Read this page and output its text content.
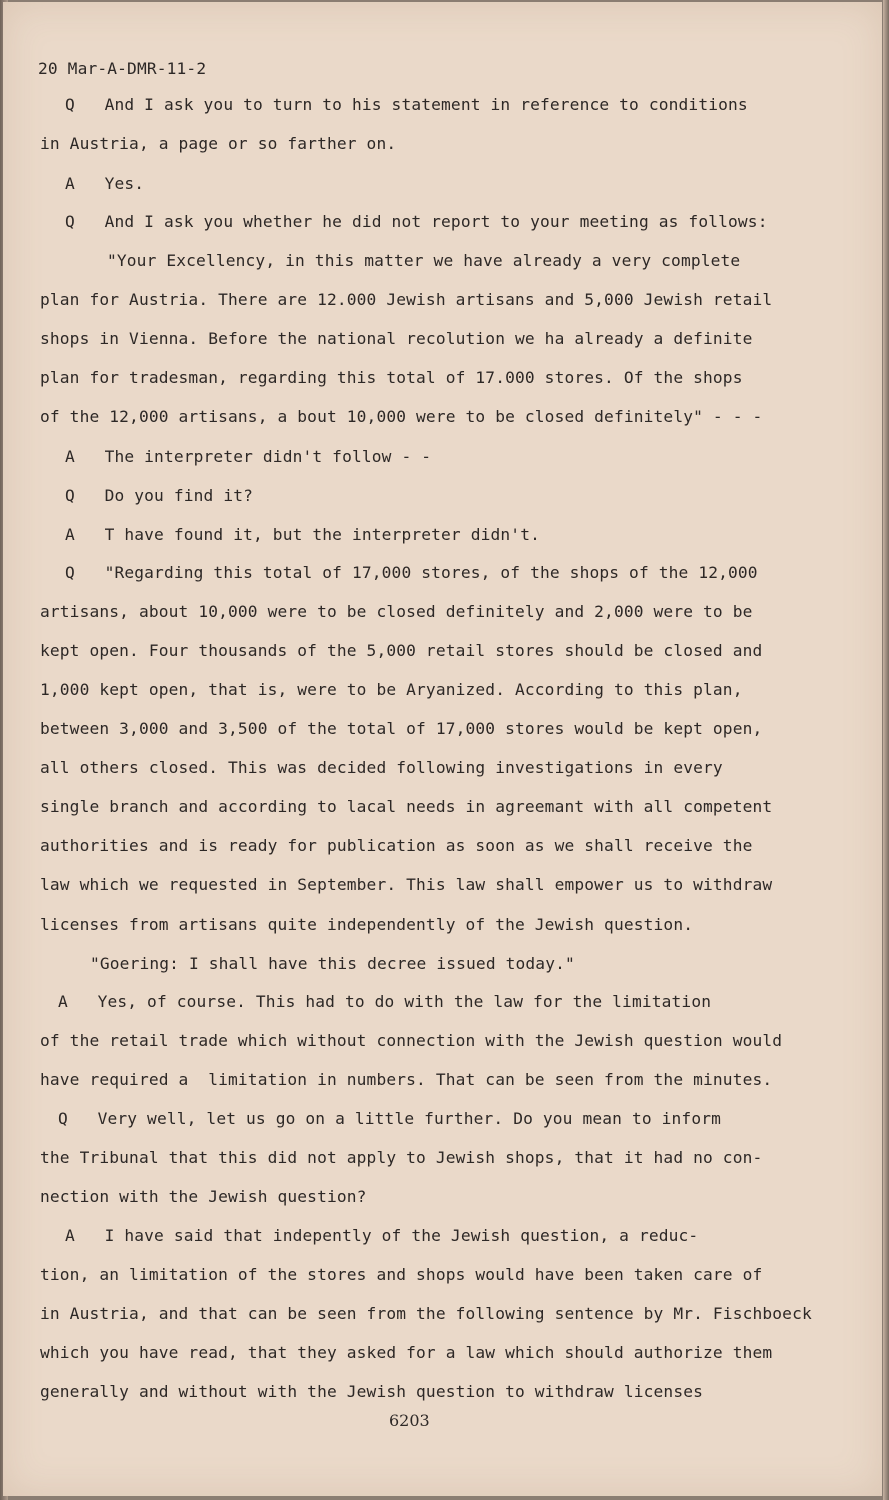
20 Mar-A-DMR-11-2
Q   And I ask you to turn to his statement in reference to conditions
in Austria, a page or so farther on.
A   Yes.
Q   And I ask you whether he did not report to your meeting as follows:
"Your Excellency, in this matter we have already a very complete
plan for Austria. There are 12.000 Jewish artisans and 5,000 Jewish retail
shops in Vienna. Before the national recolution we ha already a definite
plan for tradesman, regarding this total of 17.000 stores. Of the shops
of the 12,000 artisans, a bout 10,000 were to be closed definitely" - - -
A   The interpreter didn't follow - -
Q   Do you find it?
A   T have found it, but the interpreter didn't.
Q   "Regarding this total of 17,000 stores, of the shops of the 12,000
artisans, about 10,000 were to be closed definitely and 2,000 were to be
kept open. Four thousands of the 5,000 retail stores should be closed and
1,000 kept open, that is, were to be Aryanized. According to this plan,
between 3,000 and 3,500 of the total of 17,000 stores would be kept open,
all others closed. This was decided following investigations in every
single branch and according to lacal needs in agreemant with all competent
authorities and is ready for publication as soon as we shall receive the
law which we requested in September. This law shall empower us to withdraw
licenses from artisans quite independently of the Jewish question.
"Goering: I shall have this decree issued today."
A   Yes, of course. This had to do with the law for the limitation
of the retail trade which without connection with the Jewish question would
have required a  limitation in numbers. That can be seen from the minutes.
Q   Very well, let us go on a little further. Do you mean to inform
the Tribunal that this did not apply to Jewish shops, that it had no con-
nection with the Jewish question?
A   I have said that indepently of the Jewish question, a reduc-
tion, an limitation of the stores and shops would have been taken care of
in Austria, and that can be seen from the following sentence by Mr. Fischboeck
which you have read, that they asked for a law which should authorize them
generally and without with the Jewish question to withdraw licenses
6203
